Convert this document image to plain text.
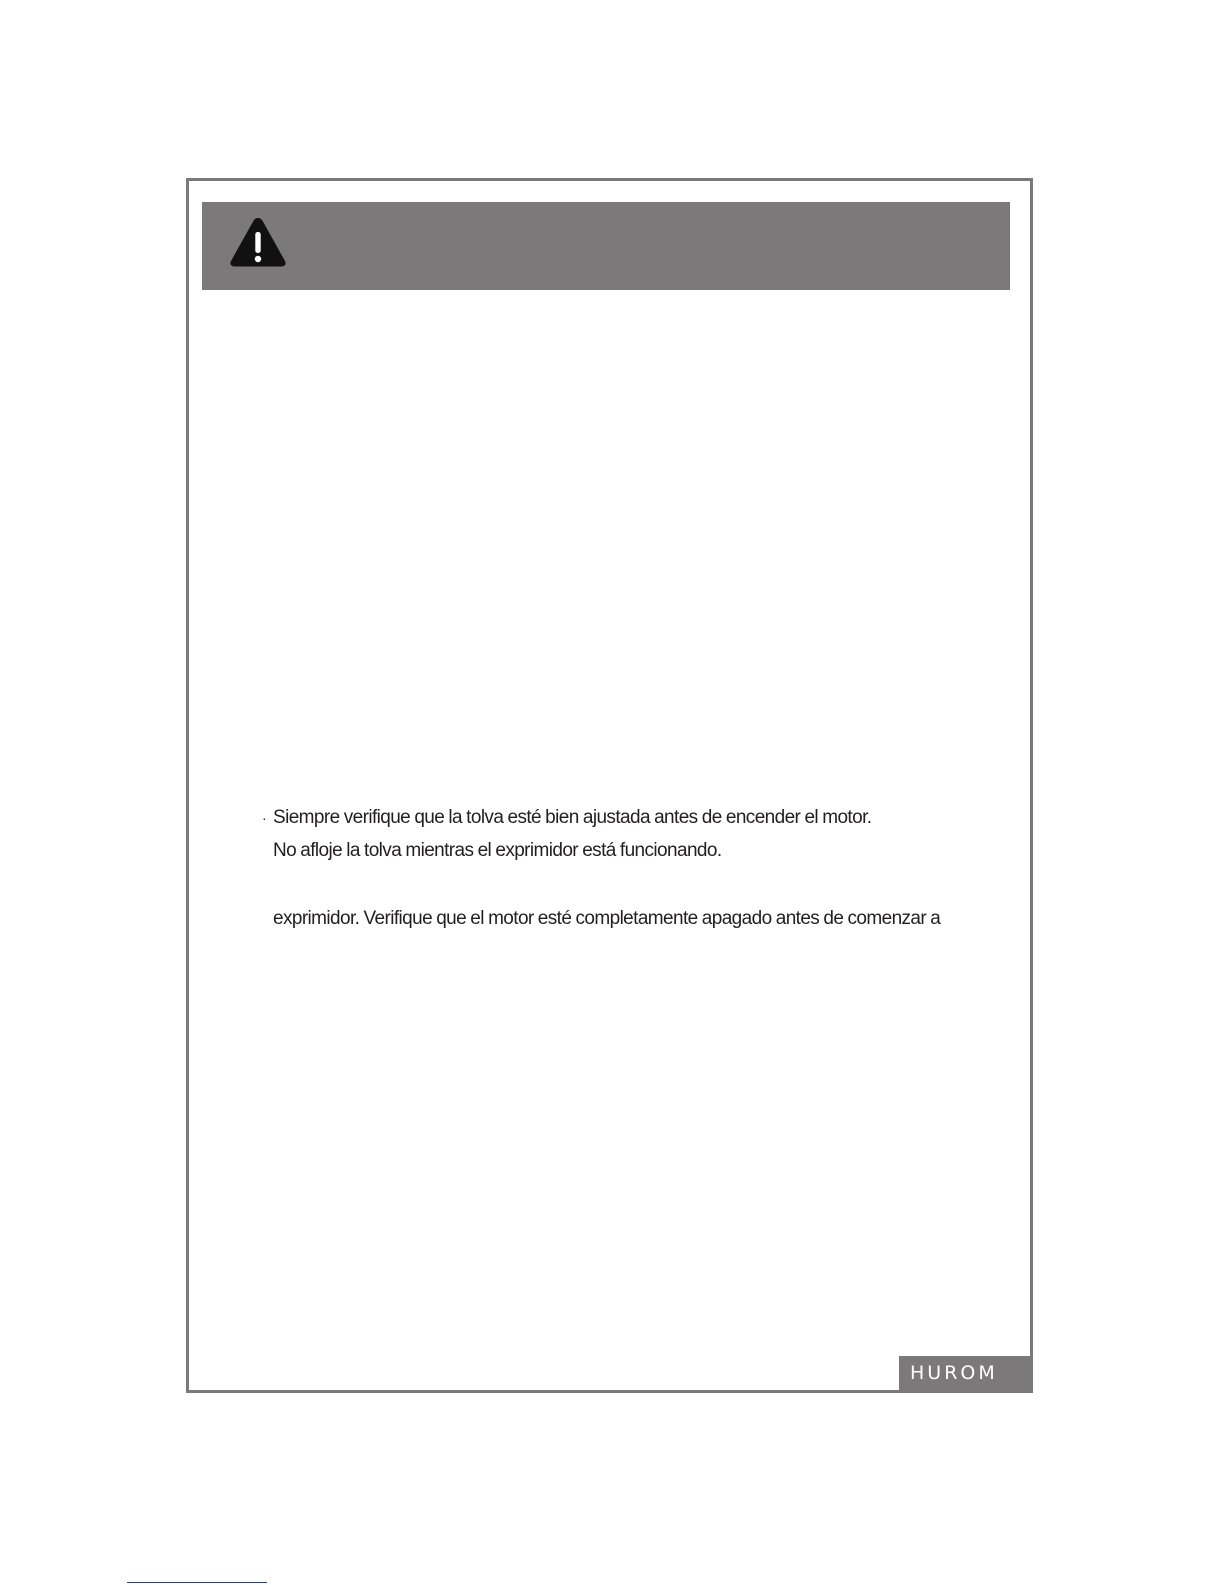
· Siempre verifique que la tolva esté bien ajustada antes de encender el motor.
No afloje la tolva mientras el exprimidor está funcionando.
exprimidor. Verifique que el motor esté completamente apagado antes de comenzar a
HUROM
